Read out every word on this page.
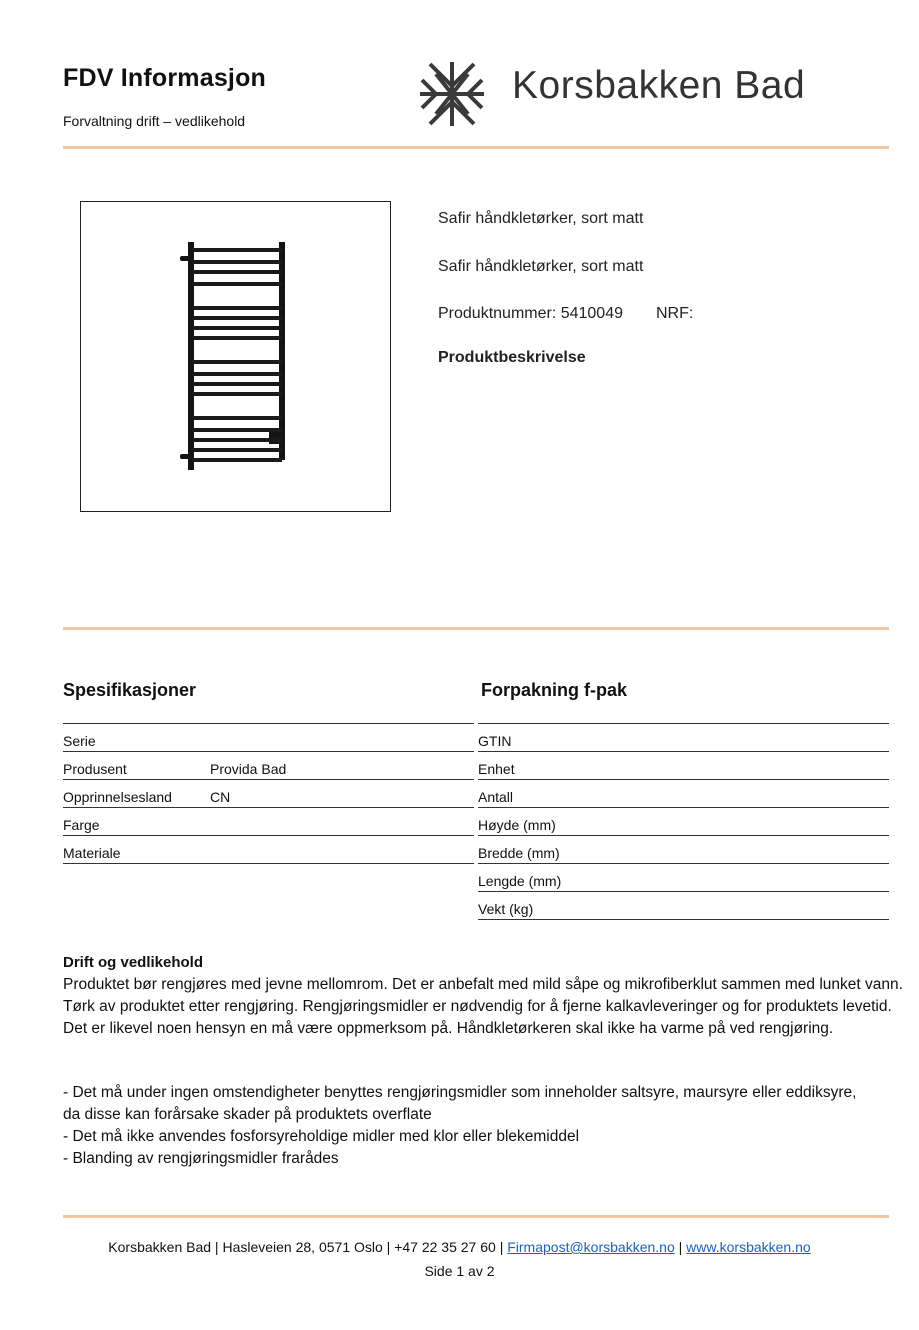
FDV Informasjon
Forvaltning drift – vedlikehold
Korsbakken Bad
Safir håndkletørker, sort matt
Safir håndkletørker, sort matt
Produktnummer: 5410049 NRF:
Produktbeskrivelse
Spesifikasjoner
Serie
Produsent	Provida Bad
Opprinnelsesland	CN
Farge
Materiale
Forpakning f-pak
GTIN
Enhet
Antall
Høyde (mm)
Bredde (mm)
Lengde (mm)
Vekt (kg)
Drift og vedlikehold

Produktet bør rengjøres med jevne mellomrom. Det er anbefalt med mild såpe og mikrofiberklut sammen med lunket vann. Tørk av produktet etter rengjøring. Rengjøringsmidler er nødvendig for å fjerne kalkavleveringer og for produktets levetid. Det er likevel noen hensyn en må være oppmerksom på. Håndkletørkeren skal ikke ha varme på ved rengjøring.

- Det må under ingen omstendigheter benyttes rengjøringsmidler som inneholder saltsyre, maursyre eller eddiksyre,
da disse kan forårsake skader på produktets overflate
- Det må ikke anvendes fosforsyreholdige midler med klor eller blekemiddel
- Blanding av rengjøringsmidler frarådes
Korsbakken Bad | Hasleveien 28, 0571 Oslo | +47 22 35 27 60 | Firmapost@korsbakken.no | www.korsbakken.no
Side 1 av 2
